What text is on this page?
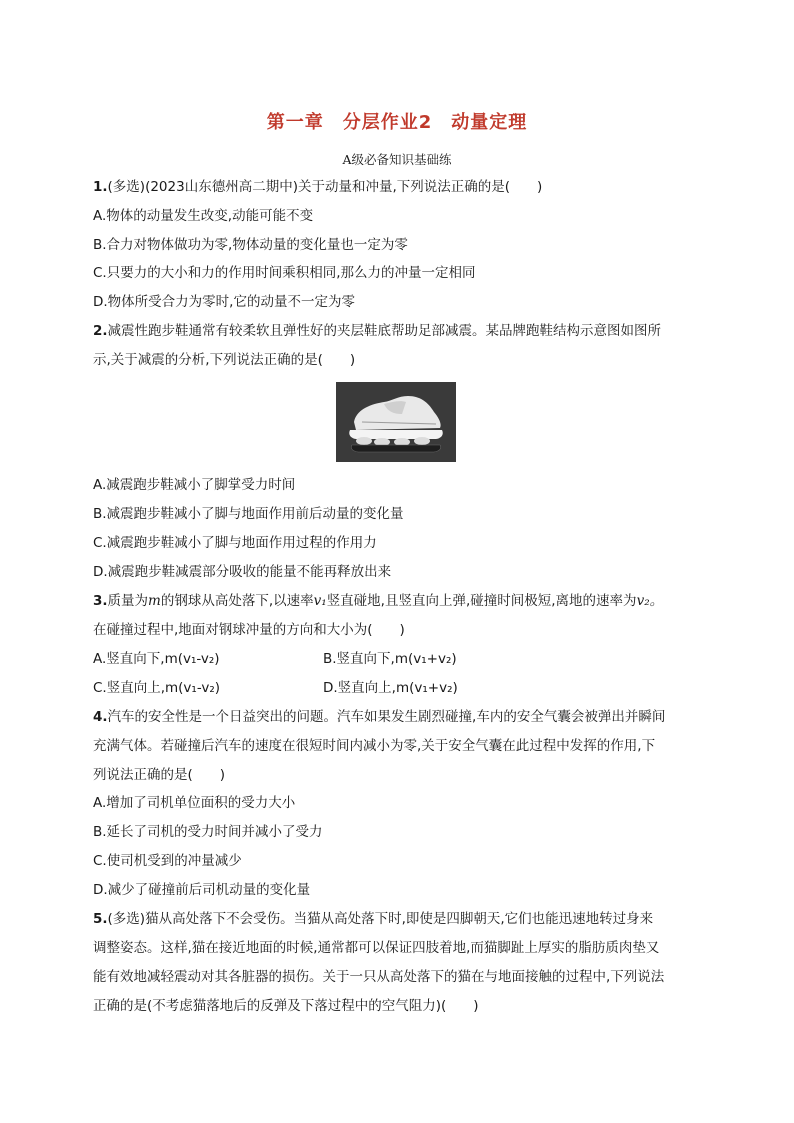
第一章　分层作业2　动量定理
A级必备知识基础练
1.(多选)(2023山东德州高二期中)关于动量和冲量,下列说法正确的是(　　)
A.物体的动量发生改变,动能可能不变
B.合力对物体做功为零,物体动量的变化量也一定为零
C.只要力的大小和力的作用时间乘积相同,那么力的冲量一定相同
D.物体所受合力为零时,它的动量不一定为零
2.减震性跑步鞋通常有较柔软且弹性好的夹层鞋底帮助足部减震。某品牌跑鞋结构示意图如图所
示,关于减震的分析,下列说法正确的是(　　)
A.减震跑步鞋减小了脚掌受力时间
B.减震跑步鞋减小了脚与地面作用前后动量的变化量
C.减震跑步鞋减小了脚与地面作用过程的作用力
D.减震跑步鞋减震部分吸收的能量不能再释放出来
3.质量为m的钢球从高处落下,以速率v₁竖直碰地,且竖直向上弹,碰撞时间极短,离地的速率为v₂。
在碰撞过程中,地面对钢球冲量的方向和大小为(　　)
A.竖直向下,m(v₁-v₂)	B.竖直向下,m(v₁+v₂)
C.竖直向上,m(v₁-v₂)	D.竖直向上,m(v₁+v₂)
4.汽车的安全性是一个日益突出的问题。汽车如果发生剧烈碰撞,车内的安全气囊会被弹出并瞬间
充满气体。若碰撞后汽车的速度在很短时间内减小为零,关于安全气囊在此过程中发挥的作用,下
列说法正确的是(　　)
A.增加了司机单位面积的受力大小
B.延长了司机的受力时间并减小了受力
C.使司机受到的冲量减少
D.减少了碰撞前后司机动量的变化量
5.(多选)猫从高处落下不会受伤。当猫从高处落下时,即使是四脚朝天,它们也能迅速地转过身来
调整姿态。这样,猫在接近地面的时候,通常都可以保证四肢着地,而猫脚趾上厚实的脂肪质肉垫又
能有效地减轻震动对其各脏器的损伤。关于一只从高处落下的猫在与地面接触的过程中,下列说法
正确的是(不考虑猫落地后的反弹及下落过程中的空气阻力)(　　)
